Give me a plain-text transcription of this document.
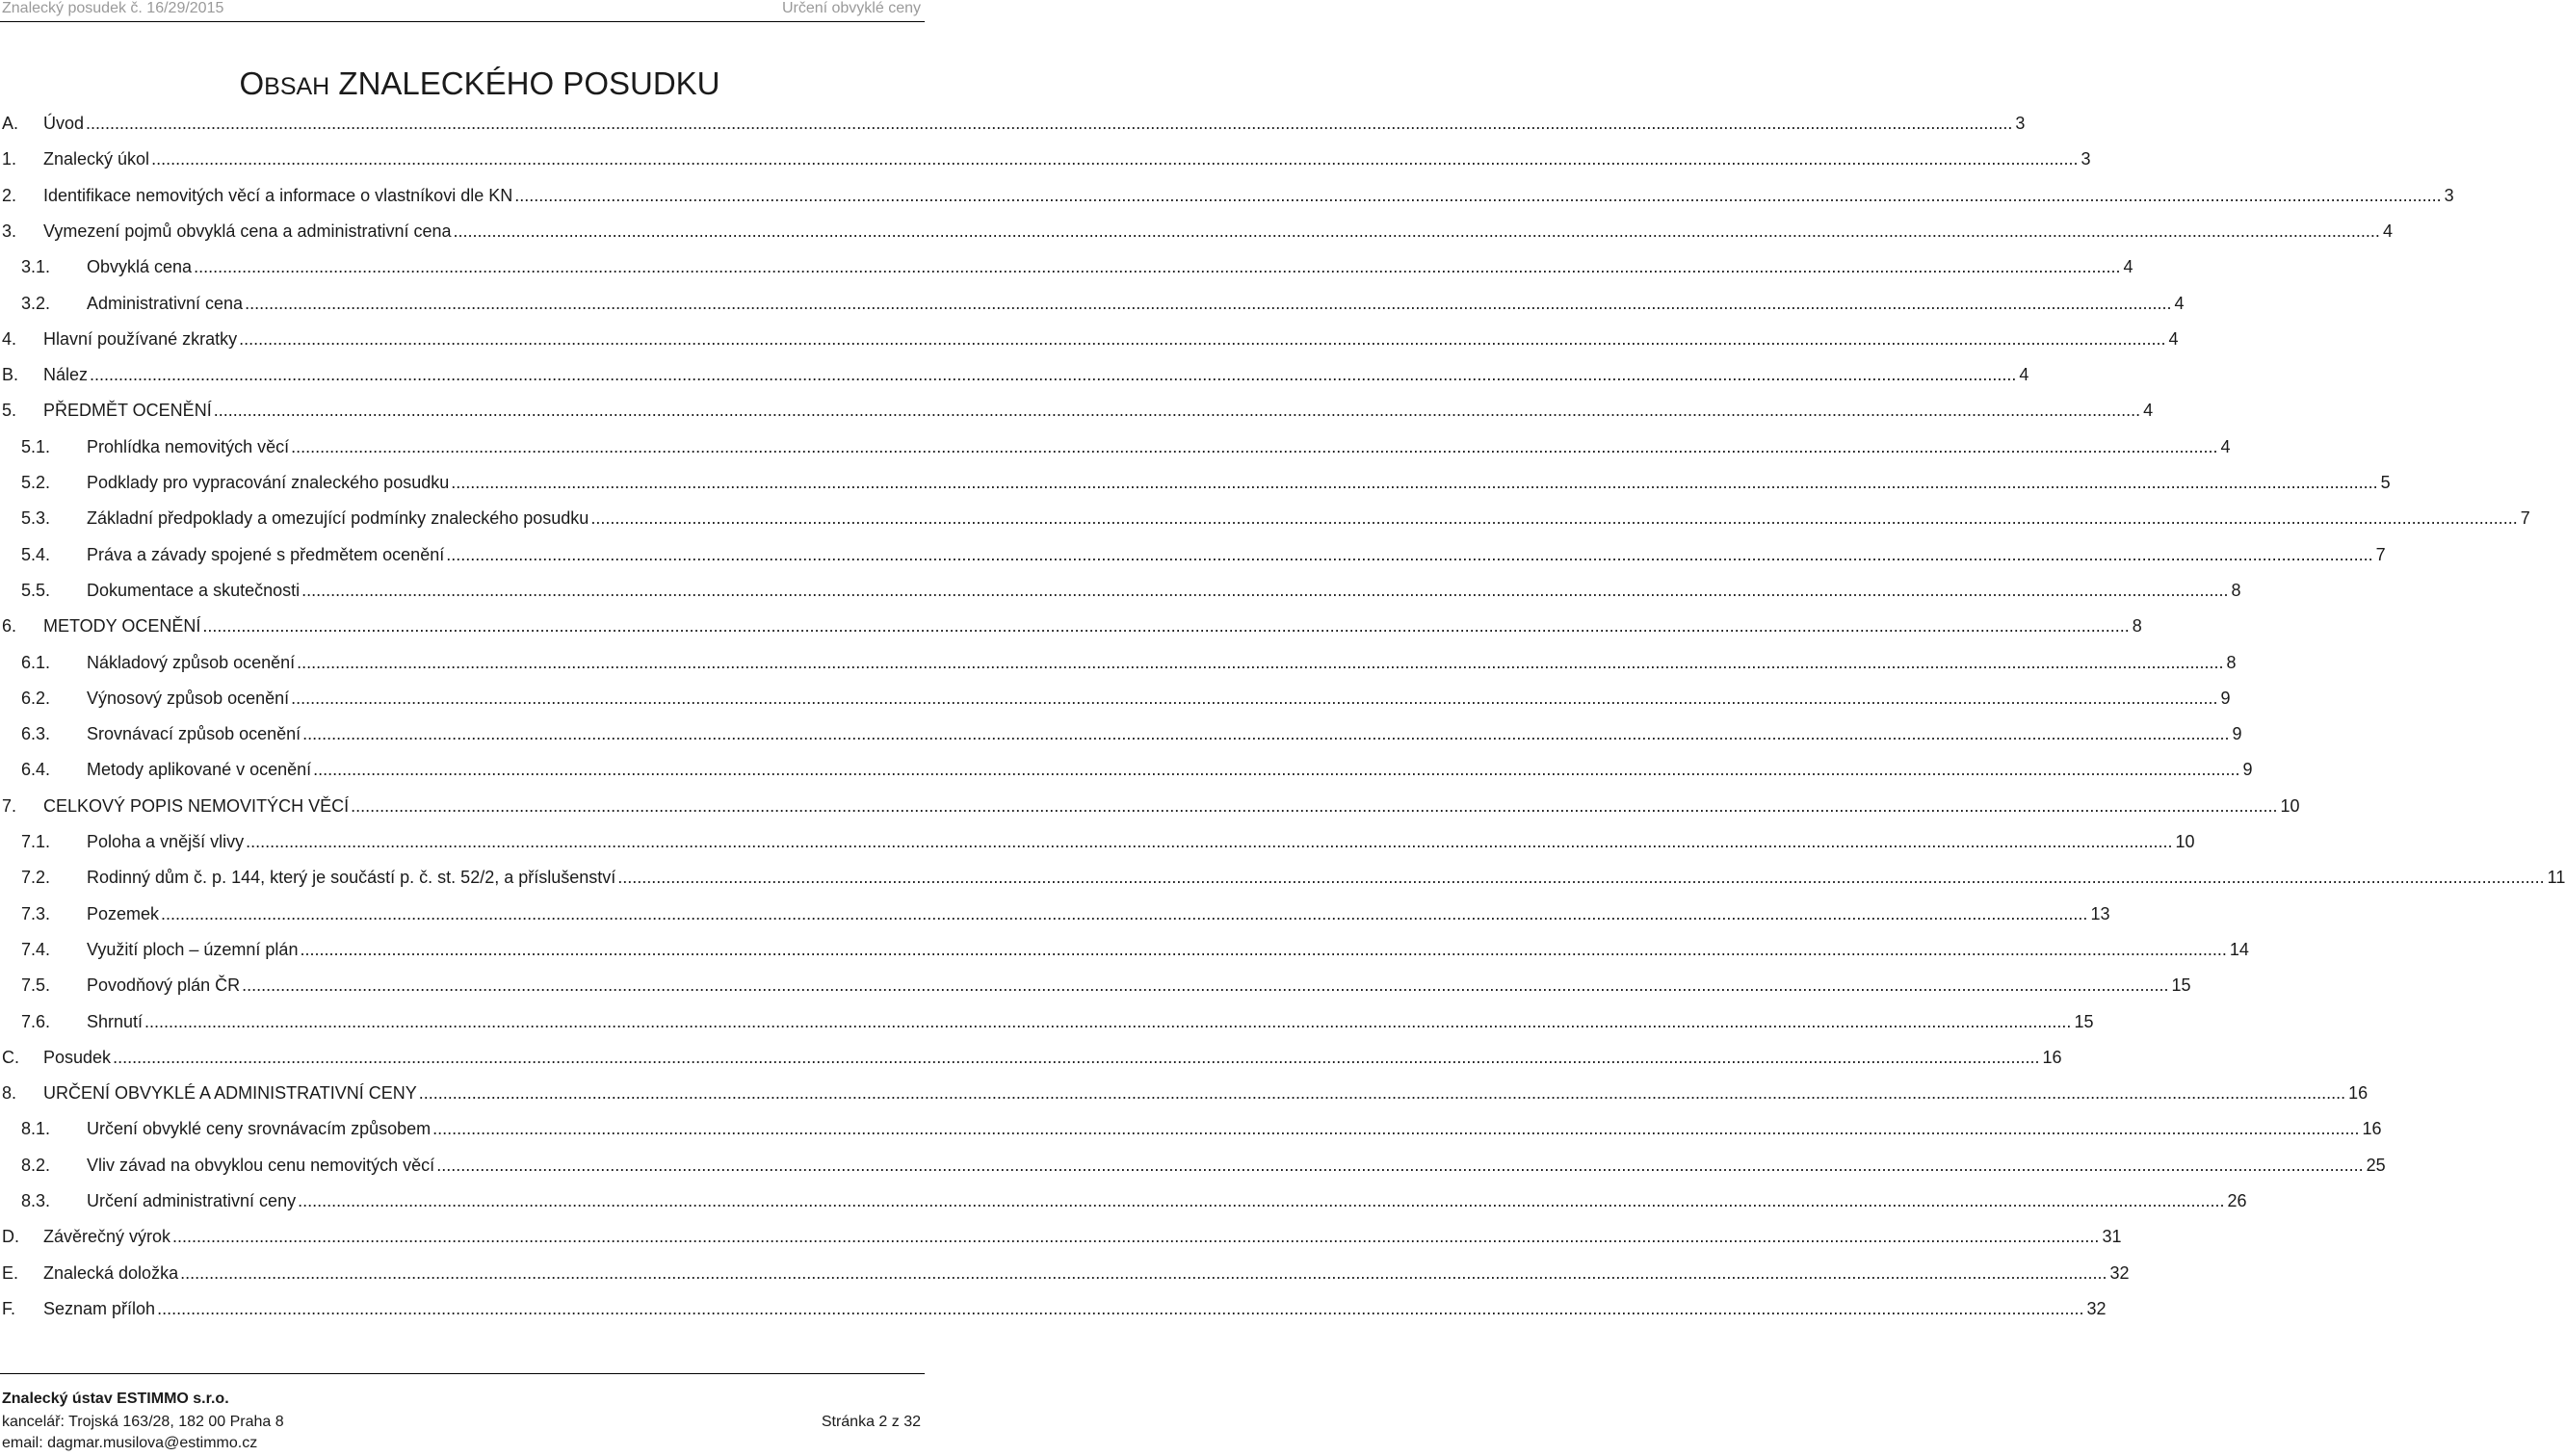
Znalecký posudek č. 16/29/2015	Určení obvyklé ceny
OBSAH ZNALECKÉHO POSUDKU
A. Úvod ................................................................................................................................................................................................................................................................................................................................................................................................................ 3
1. Znalecký úkol ................................................................................................................................................................................................................................................................................................................................................................................................................ 3
2. Identifikace nemovitých věcí a informace o vlastníkovi dle KN ................................................................................................................................................................................................................................................................................................................................................................................................................ 3
3. Vymezení pojmů obvyklá cena a administrativní cena ................................................................................................................................................................................................................................................................................................................................................................................................................ 4
3.1. Obvyklá cena ................................................................................................................................................................................................................................................................................................................................................................................................................ 4
3.2. Administrativní cena ................................................................................................................................................................................................................................................................................................................................................................................................................ 4
4. Hlavní používané zkratky ................................................................................................................................................................................................................................................................................................................................................................................................................ 4
B. Nález ................................................................................................................................................................................................................................................................................................................................................................................................................ 4
5. PŘEDMĚT OCENĚNÍ ................................................................................................................................................................................................................................................................................................................................................................................................................ 4
5.1. Prohlídka nemovitých věcí ................................................................................................................................................................................................................................................................................................................................................................................................................ 4
5.2. Podklady pro vypracování znaleckého posudku ................................................................................................................................................................................................................................................................................................................................................................................................................ 5
5.3. Základní předpoklady a omezující podmínky znaleckého posudku ................................................................................................................................................................................................................................................................................................................................................................................................................ 7
5.4. Práva a závady spojené s předmětem ocenění ................................................................................................................................................................................................................................................................................................................................................................................................................ 7
5.5. Dokumentace a skutečnosti ................................................................................................................................................................................................................................................................................................................................................................................................................ 8
6. METODY OCENĚNÍ ................................................................................................................................................................................................................................................................................................................................................................................................................ 8
6.1. Nákladový způsob ocenění ................................................................................................................................................................................................................................................................................................................................................................................................................ 8
6.2. Výnosový způsob ocenění ................................................................................................................................................................................................................................................................................................................................................................................................................ 9
6.3. Srovnávací způsob ocenění ................................................................................................................................................................................................................................................................................................................................................................................................................ 9
6.4. Metody aplikované v ocenění ................................................................................................................................................................................................................................................................................................................................................................................................................ 9
7. CELKOVÝ POPIS NEMOVITÝCH VĚCÍ ................................................................................................................................................................................................................................................................................................................................................................................................................ 10
7.1. Poloha a vnější vlivy ................................................................................................................................................................................................................................................................................................................................................................................................................ 10
7.2. Rodinný dům č. p. 144, který je součástí p. č. st. 52/2, a příslušenství ................................................................................................................................................................................................................................................................................................................................................................................................................ 11
7.3. Pozemek ................................................................................................................................................................................................................................................................................................................................................................................................................ 13
7.4. Využití ploch – územní plán ................................................................................................................................................................................................................................................................................................................................................................................................................ 14
7.5. Povodňový plán ČR ................................................................................................................................................................................................................................................................................................................................................................................................................ 15
7.6. Shrnutí ................................................................................................................................................................................................................................................................................................................................................................................................................ 15
C. Posudek ................................................................................................................................................................................................................................................................................................................................................................................................................ 16
8. URČENÍ OBVYKLÉ A ADMINISTRATIVNÍ CENY ................................................................................................................................................................................................................................................................................................................................................................................................................ 16
8.1. Určení obvyklé ceny srovnávacím způsobem ................................................................................................................................................................................................................................................................................................................................................................................................................ 16
8.2. Vliv závad na obvyklou cenu nemovitých věcí ................................................................................................................................................................................................................................................................................................................................................................................................................ 25
8.3. Určení administrativní ceny ................................................................................................................................................................................................................................................................................................................................................................................................................ 26
D. Závěrečný výrok ................................................................................................................................................................................................................................................................................................................................................................................................................ 31
E. Znalecká doložka ................................................................................................................................................................................................................................................................................................................................................................................................................ 32
F. Seznam příloh ................................................................................................................................................................................................................................................................................................................................................................................................................ 32
Znalecký ústav ESTIMMO s.r.o.
kancelář: Trojská 163/28, 182 00 Praha 8
email: dagmar.musilova@estimmo.cz
Stránka 2 z 32
